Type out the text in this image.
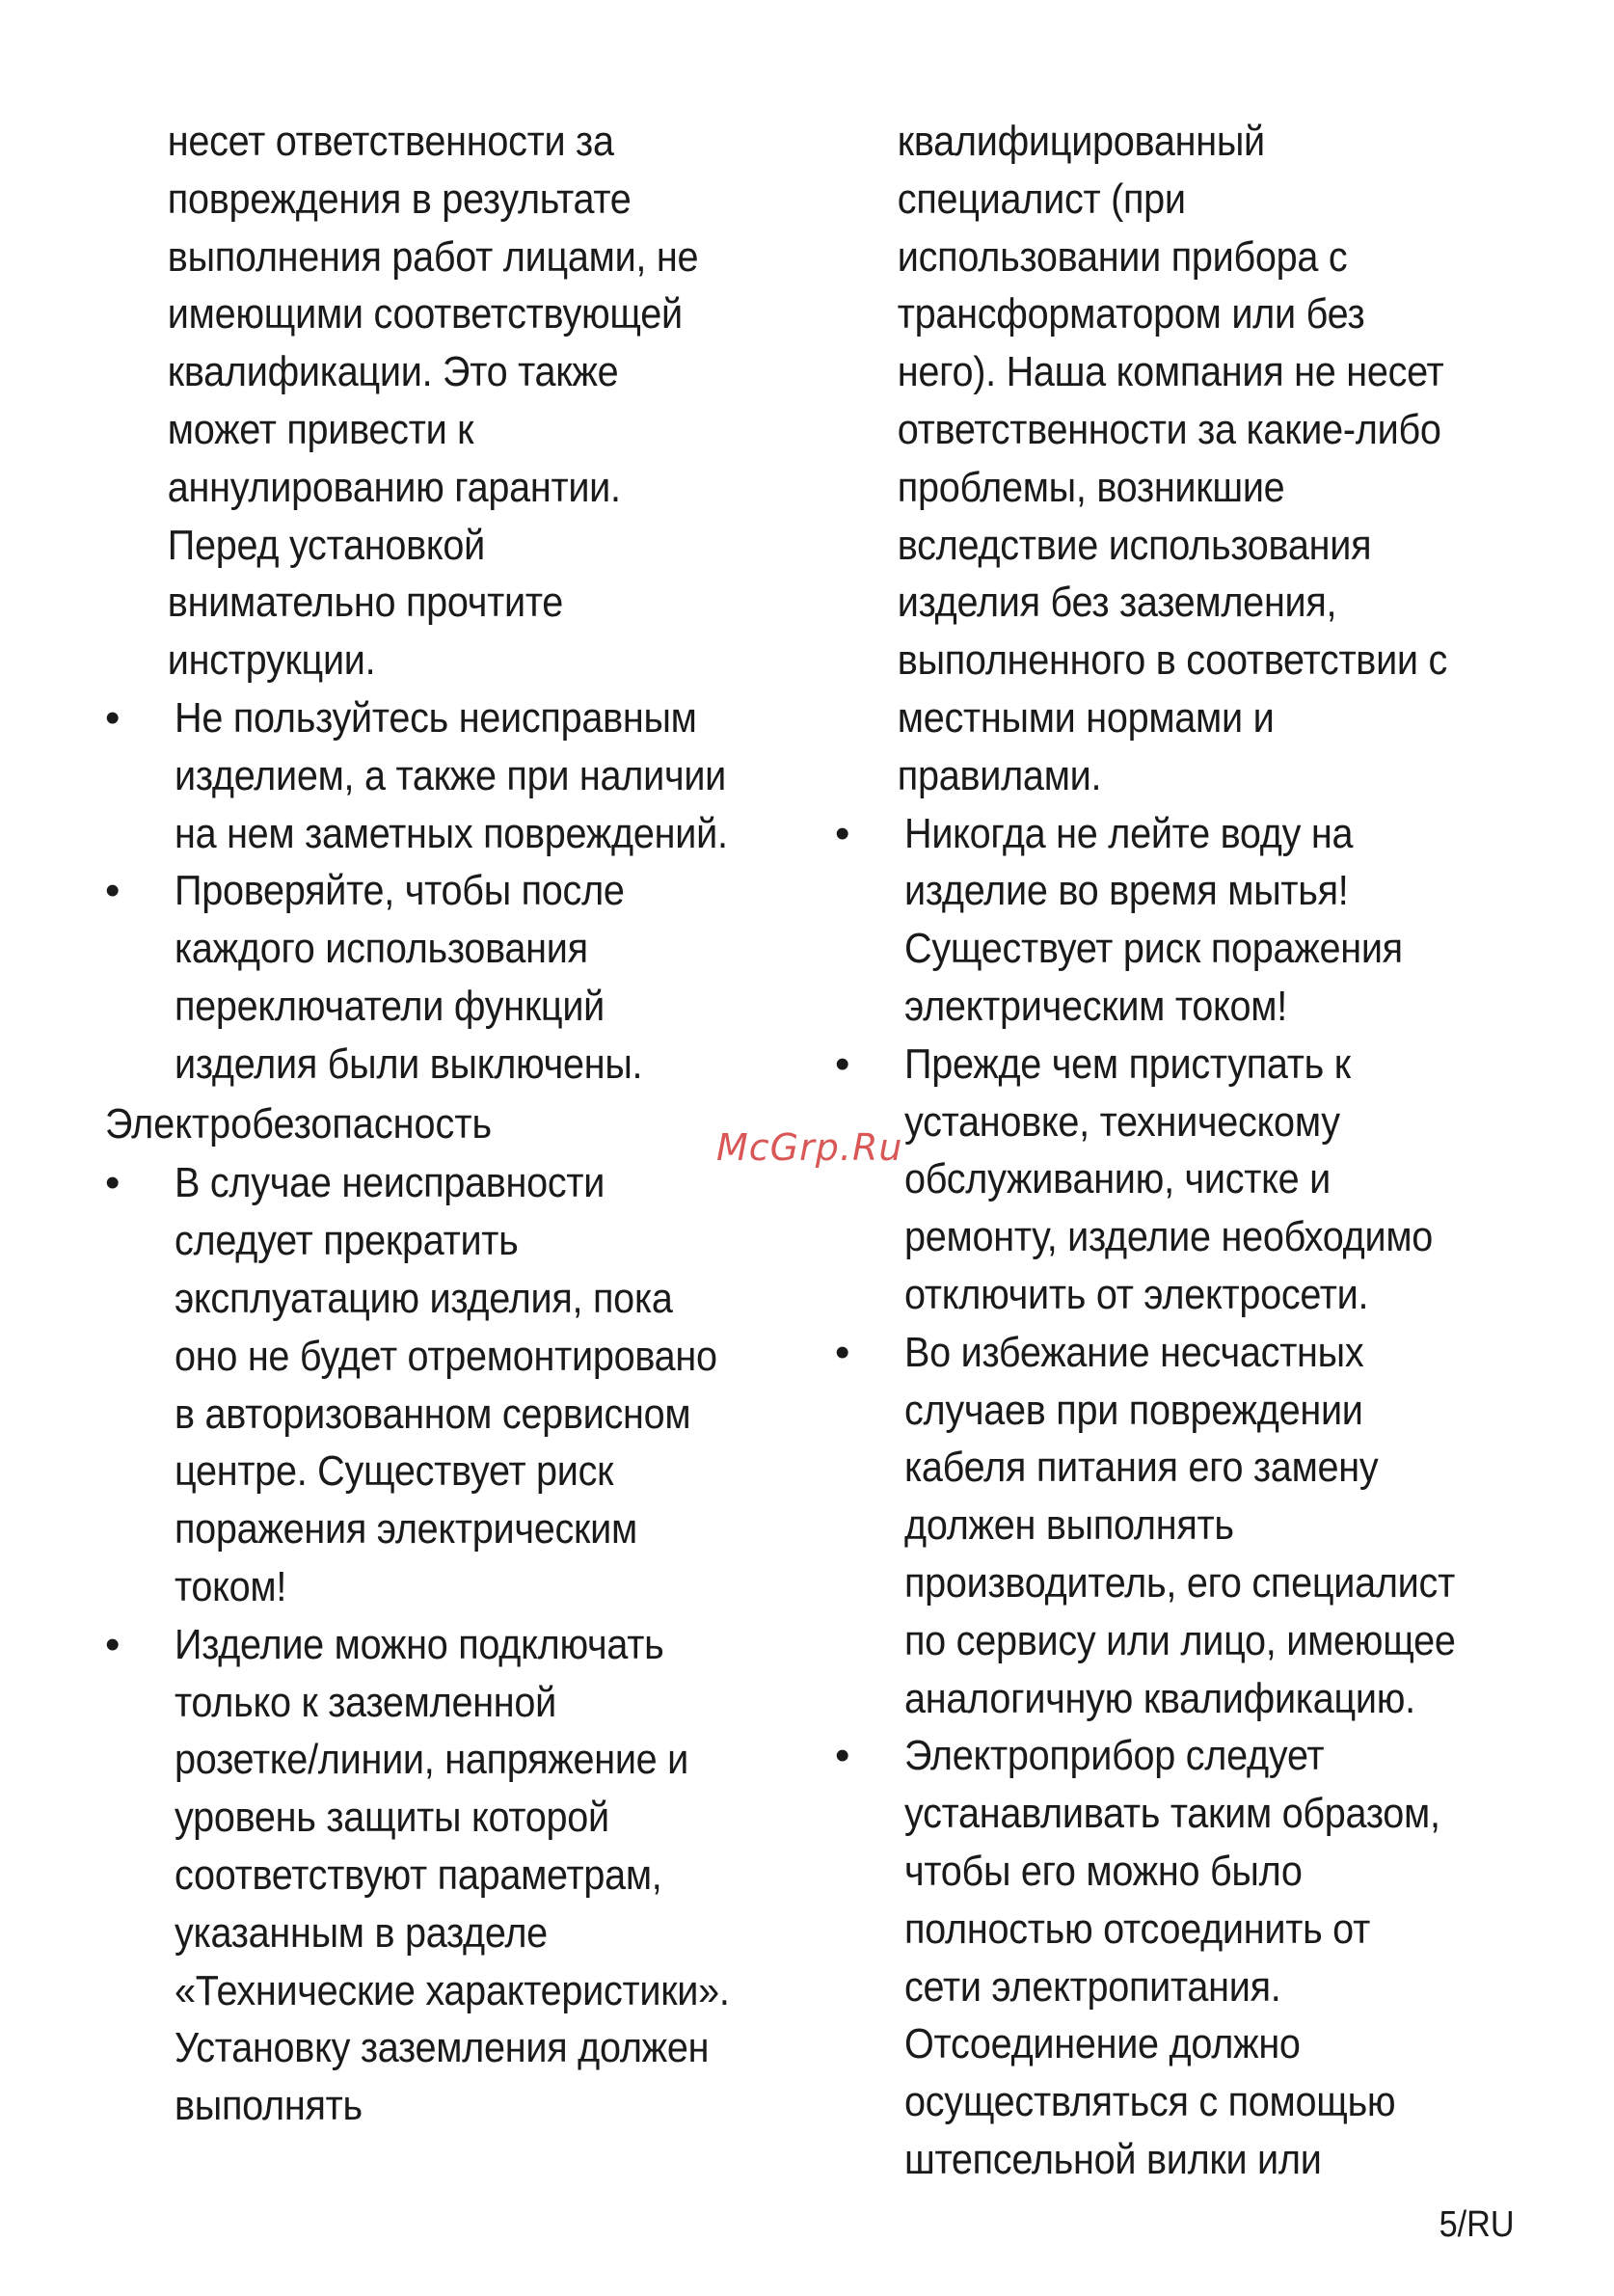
несет ответственности за
повреждения в результате
выполнения работ лицами, не
имеющими соответствующей
квалификации. Это также
может привести к
аннулированию гарантии.
Перед установкой
внимательно прочтите
инструкции.
• Не пользуйтесь неисправным
изделием, а также при наличии
на нем заметных повреждений.
• Проверяйте, чтобы после
каждого использования
переключатели функций
изделия были выключены.
Электробезопасность
• В случае неисправности
следует прекратить
эксплуатацию изделия, пока
оно не будет отремонтировано
в авторизованном сервисном
центре. Существует риск
поражения электрическим
током!
• Изделие можно подключать
только к заземленной
розетке/линии, напряжение и
уровень защиты которой
соответствуют параметрам,
указанным в разделе
«Технические характеристики».
Установку заземления должен
выполнять
квалифицированный
специалист (при
использовании прибора с
трансформатором или без
него). Наша компания не несет
ответственности за какие-либо
проблемы, возникшие
вследствие использования
изделия без заземления,
выполненного в соответствии с
местными нормами и
правилами.
• Никогда не лейте воду на
изделие во время мытья!
Существует риск поражения
электрическим током!
• Прежде чем приступать к
установке, техническому
обслуживанию, чистке и
ремонту, изделие необходимо
отключить от электросети.
• Во избежание несчастных
случаев при повреждении
кабеля питания его замену
должен выполнять
производитель, его специалист
по сервису или лицо, имеющее
аналогичную квалификацию.
• Электроприбор следует
устанавливать таким образом,
чтобы его можно было
полностью отсоединить от
сети электропитания.
Отсоединение должно
осуществляться с помощью
штепсельной вилки или
McGrp.Ru
5/RU
